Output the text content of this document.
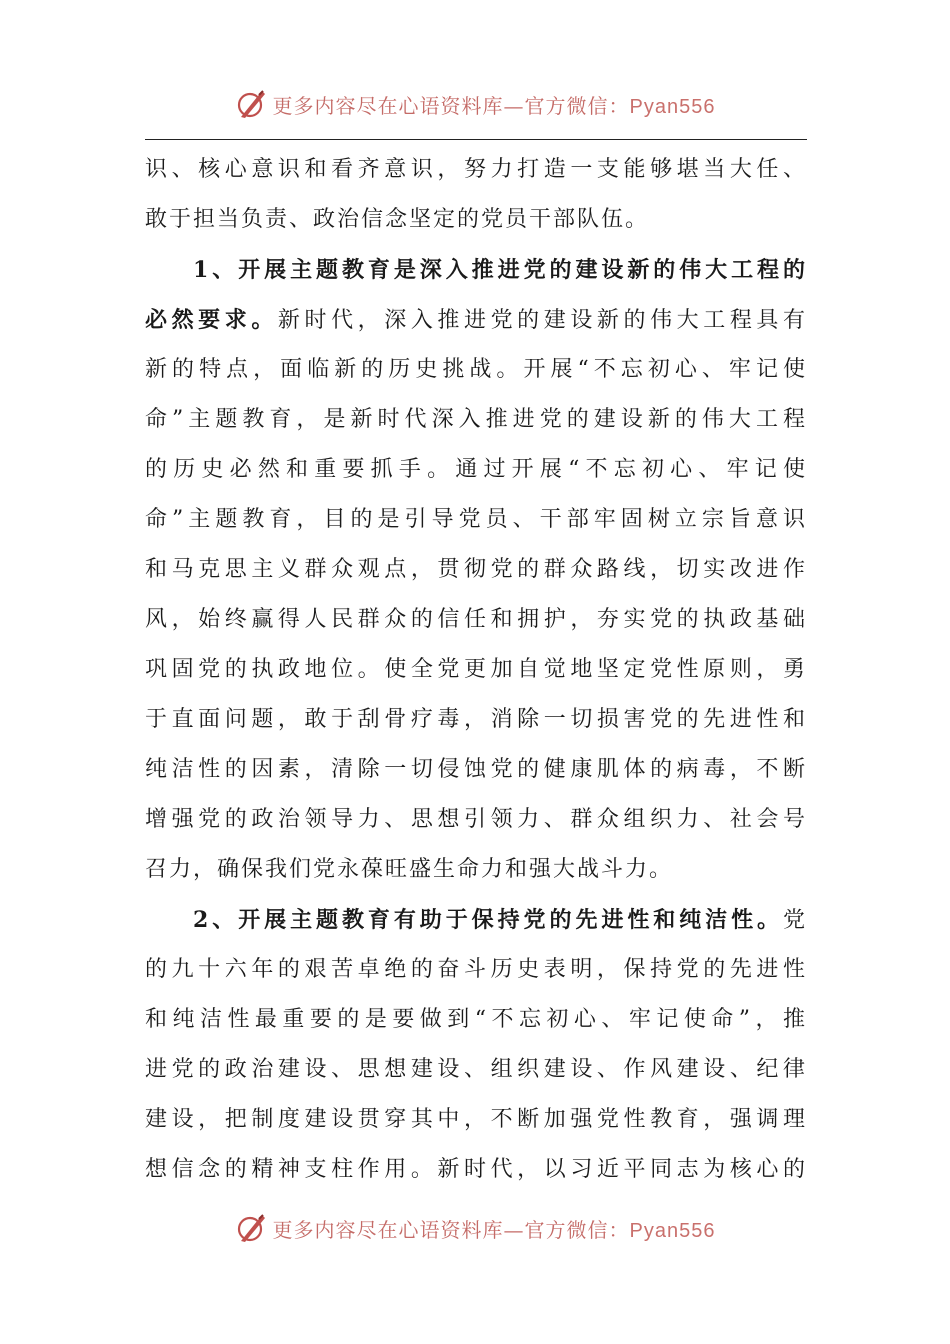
更多内容尽在心语资料库—官方微信：Pyan556
识、核心意识和看齐意识，努力打造一支能够堪当大任、
敢于担当负责、政治信念坚定的党员干部队伍。
1、开展主题教育是深入推进党的建设新的伟大工程的
必然要求。新时代，深入推进党的建设新的伟大工程具有
新的特点，面临新的历史挑战。开展“不忘初心、牢记使
命”主题教育，是新时代深入推进党的建设新的伟大工程
的历史必然和重要抓手。通过开展“不忘初心、牢记使
命”主题教育，目的是引导党员、干部牢固树立宗旨意识
和马克思主义群众观点，贯彻党的群众路线，切实改进作
风，始终赢得人民群众的信任和拥护，夯实党的执政基础
巩固党的执政地位。使全党更加自觉地坚定党性原则，勇
于直面问题，敢于刮骨疗毒，消除一切损害党的先进性和
纯洁性的因素，清除一切侵蚀党的健康肌体的病毒，不断
增强党的政治领导力、思想引领力、群众组织力、社会号
召力，确保我们党永葆旺盛生命力和强大战斗力。
2、开展主题教育有助于保持党的先进性和纯洁性。党
的九十六年的艰苦卓绝的奋斗历史表明，保持党的先进性
和纯洁性最重要的是要做到“不忘初心、牢记使命”，推
进党的政治建设、思想建设、组织建设、作风建设、纪律
建设，把制度建设贯穿其中，不断加强党性教育，强调理
想信念的精神支柱作用。新时代，以习近平同志为核心的
更多内容尽在心语资料库—官方微信：Pyan556
